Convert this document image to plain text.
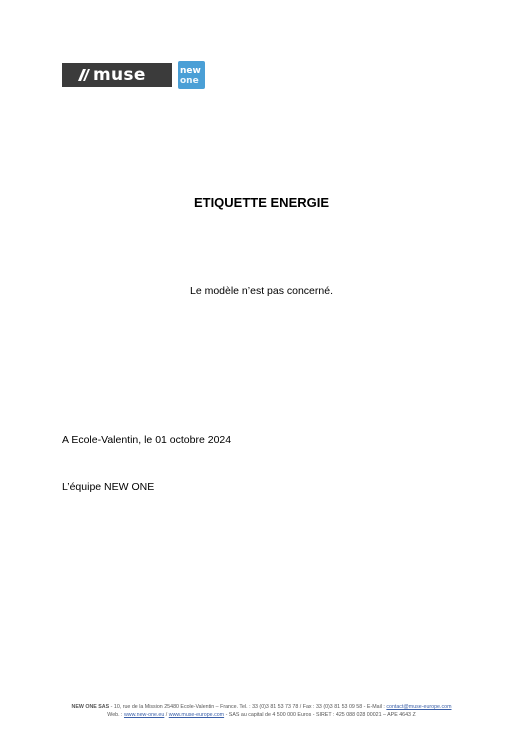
muse	new
one
ETIQUETTE ENERGIE
Le modèle n’est pas concerné.
A Ecole-Valentin, le 01 octobre 2024
L’équipe NEW ONE
NEW ONE SAS - 10, rue de la Mission 25480 Ecole-Valentin – France. Tel. : 33 (0)3 81 53 73 78 / Fax : 33 (0)3 81 53 09 58 - E-Mail : contact@muse-europe.com
Web. : www.new-one.eu / www.muse-europe.com - SAS au capital de 4 500 000 Euros - SIRET : 425 088 028 00021 – APE 4643 Z
